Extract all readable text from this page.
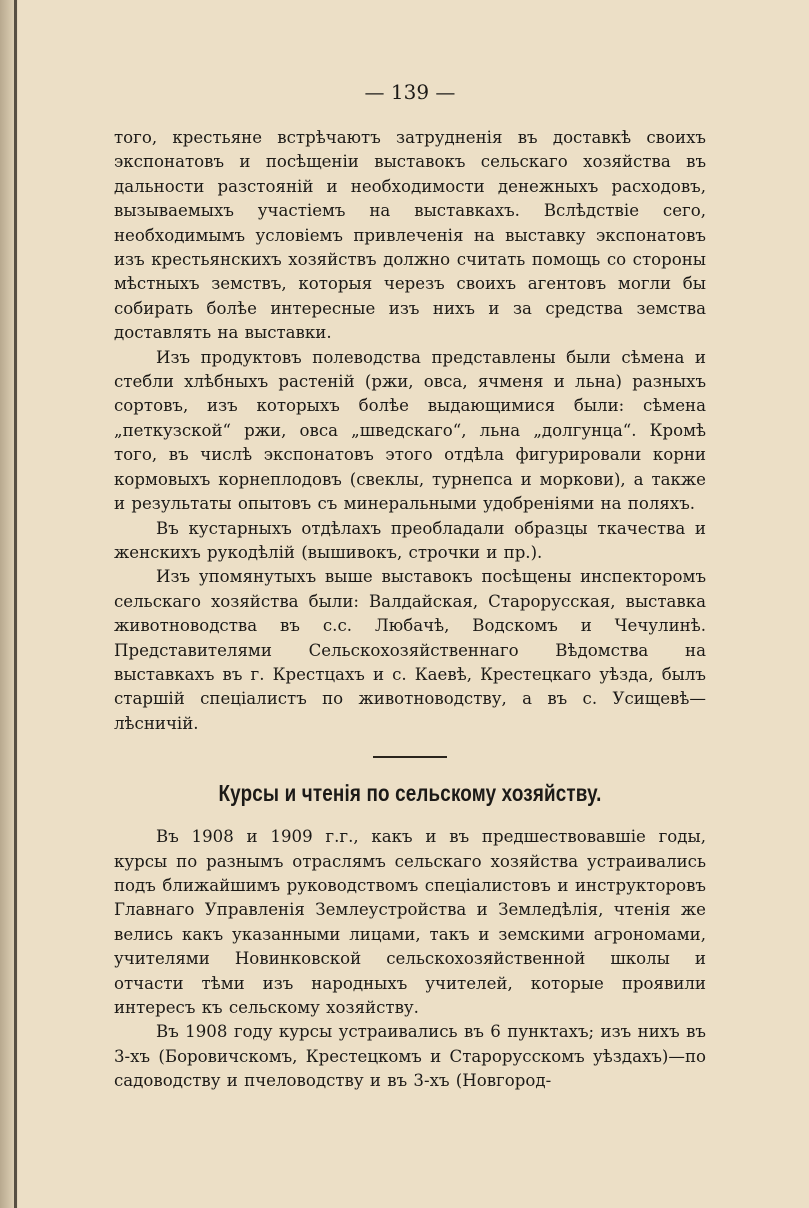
— 139 —

того, крестьяне встрѣчаютъ затрудненія въ доставкѣ своихъ экспонатовъ и посѣщеніи выставокъ сельскаго хозяйства въ дальности разстояній и необходимости денежныхъ расходовъ, вызываемыхъ участіемъ на выставкахъ. Вслѣдствіе сего, необходимымъ условіемъ привлеченія на выставку экспонатовъ изъ крестьянскихъ хозяйствъ должно считать помощь со стороны мѣстныхъ земствъ, которыя черезъ своихъ агентовъ могли бы собирать болѣе интересные изъ нихъ и за средства земства доставлять на выставки.

Изъ продуктовъ полеводства представлены были сѣмена и стебли хлѣбныхъ растеній (ржи, овса, ячменя и льна) разныхъ сортовъ, изъ которыхъ болѣе выдающимися были: сѣмена „петкузской“ ржи, овса „шведскаго“, льна „долгунца“. Кромѣ того, въ числѣ экспонатовъ этого отдѣла фигурировали корни кормовыхъ корнеплодовъ (свеклы, турнепса и моркови), а также и результаты опытовъ съ минеральными удобреніями на поляхъ.

Въ кустарныхъ отдѣлахъ преобладали образцы ткачества и женскихъ рукодѣлій (вышивокъ, строчки и пр.).

Изъ упомянутыхъ выше выставокъ посѣщены инспекторомъ сельскаго хозяйства были: Валдайская, Старорусская, выставка животноводства въ с.с. Любачѣ, Водскомъ и Чечулинѣ. Представителями Сельскохозяйственнаго Вѣдомства на выставкахъ въ г. Крестцахъ и с. Каевѣ, Крестецкаго уѣзда, былъ старшій спеціалистъ по животноводству, а въ с. Усищевѣ—лѣсничій.

Курсы и чтенія по сельскому хозяйству.

Въ 1908 и 1909 г.г., какъ и въ предшествовавшіе годы, курсы по разнымъ отраслямъ сельскаго хозяйства устраивались подъ ближайшимъ руководствомъ спеціалистовъ и инструкторовъ Главнаго Управленія Землеустройства и Земледѣлія, чтенія же велись какъ указанными лицами, такъ и земскими агрономами, учителями Новинковской сельскохозяйственной школы и отчасти тѣми изъ народныхъ учителей, которые проявили интересъ къ сельскому хозяйству.

Въ 1908 году курсы устраивались въ 6 пунктахъ; изъ нихъ въ 3-хъ (Боровичскомъ, Крестецкомъ и Старорусскомъ уѣздахъ)—по садоводству и пчеловодству и въ 3-хъ (Новгород-
